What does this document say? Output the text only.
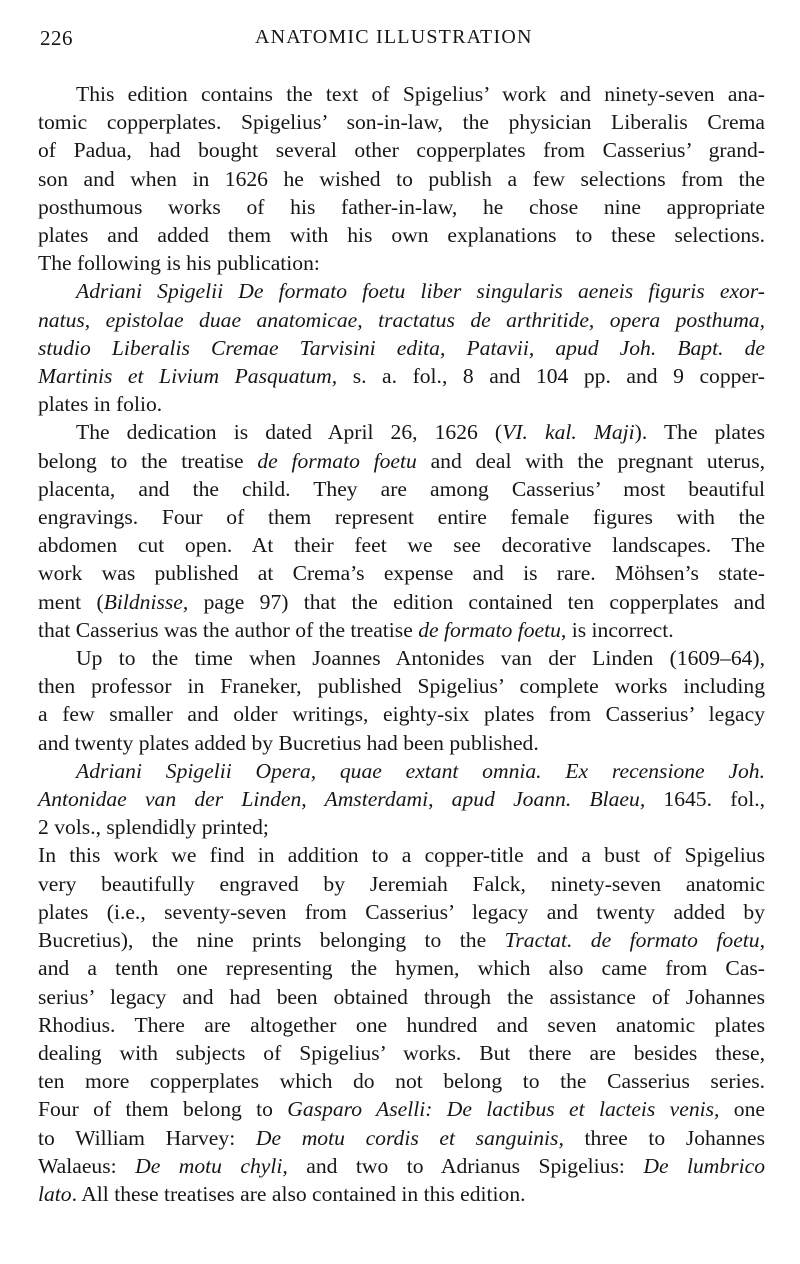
226	ANATOMIC ILLUSTRATION
This edition contains the text of Spigelius’ work and ninety-seven ana-
tomic copperplates. Spigelius’ son-in-law, the physician Liberalis Crema
of Padua, had bought several other copperplates from Casserius’ grand-
son and when in 1626 he wished to publish a few selections from the
posthumous works of his father-in-law, he chose nine appropriate
plates and added them with his own explanations to these selections.
The following is his publication:
Adriani Spigelii De formato foetu liber singularis aeneis figuris exor-
natus, epistolae duae anatomicae, tractatus de arthritide, opera posthuma,
studio Liberalis Cremae Tarvisini edita, Patavii, apud Joh. Bapt. de
Martinis et Livium Pasquatum, s. a. fol., 8 and 104 pp. and 9 copper-
plates in folio.
The dedication is dated April 26, 1626 (VI. kal. Maji). The plates
belong to the treatise de formato foetu and deal with the pregnant uterus,
placenta, and the child. They are among Casserius’ most beautiful
engravings. Four of them represent entire female figures with the
abdomen cut open. At their feet we see decorative landscapes. The
work was published at Crema’s expense and is rare. Möhsen’s state-
ment (Bildnisse, page 97) that the edition contained ten copperplates and
that Casserius was the author of the treatise de formato foetu, is incorrect.
Up to the time when Joannes Antonides van der Linden (1609–64),
then professor in Franeker, published Spigelius’ complete works including
a few smaller and older writings, eighty-six plates from Casserius’ legacy
and twenty plates added by Bucretius had been published.
Adriani Spigelii Opera, quae extant omnia. Ex recensione Joh.
Antonidae van der Linden, Amsterdami, apud Joann. Blaeu, 1645. fol.,
2 vols., splendidly printed;
In this work we find in addition to a copper-title and a bust of Spigelius
very beautifully engraved by Jeremiah Falck, ninety-seven anatomic
plates (i.e., seventy-seven from Casserius’ legacy and twenty added by
Bucretius), the nine prints belonging to the Tractat. de formato foetu,
and a tenth one representing the hymen, which also came from Cas-
serius’ legacy and had been obtained through the assistance of Johannes
Rhodius. There are altogether one hundred and seven anatomic plates
dealing with subjects of Spigelius’ works. But there are besides these,
ten more copperplates which do not belong to the Casserius series.
Four of them belong to Gasparo Aselli: De lactibus et lacteis venis, one
to William Harvey: De motu cordis et sanguinis, three to Johannes
Walaeus: De motu chyli, and two to Adrianus Spigelius: De lumbrico
lato. All these treatises are also contained in this edition.
